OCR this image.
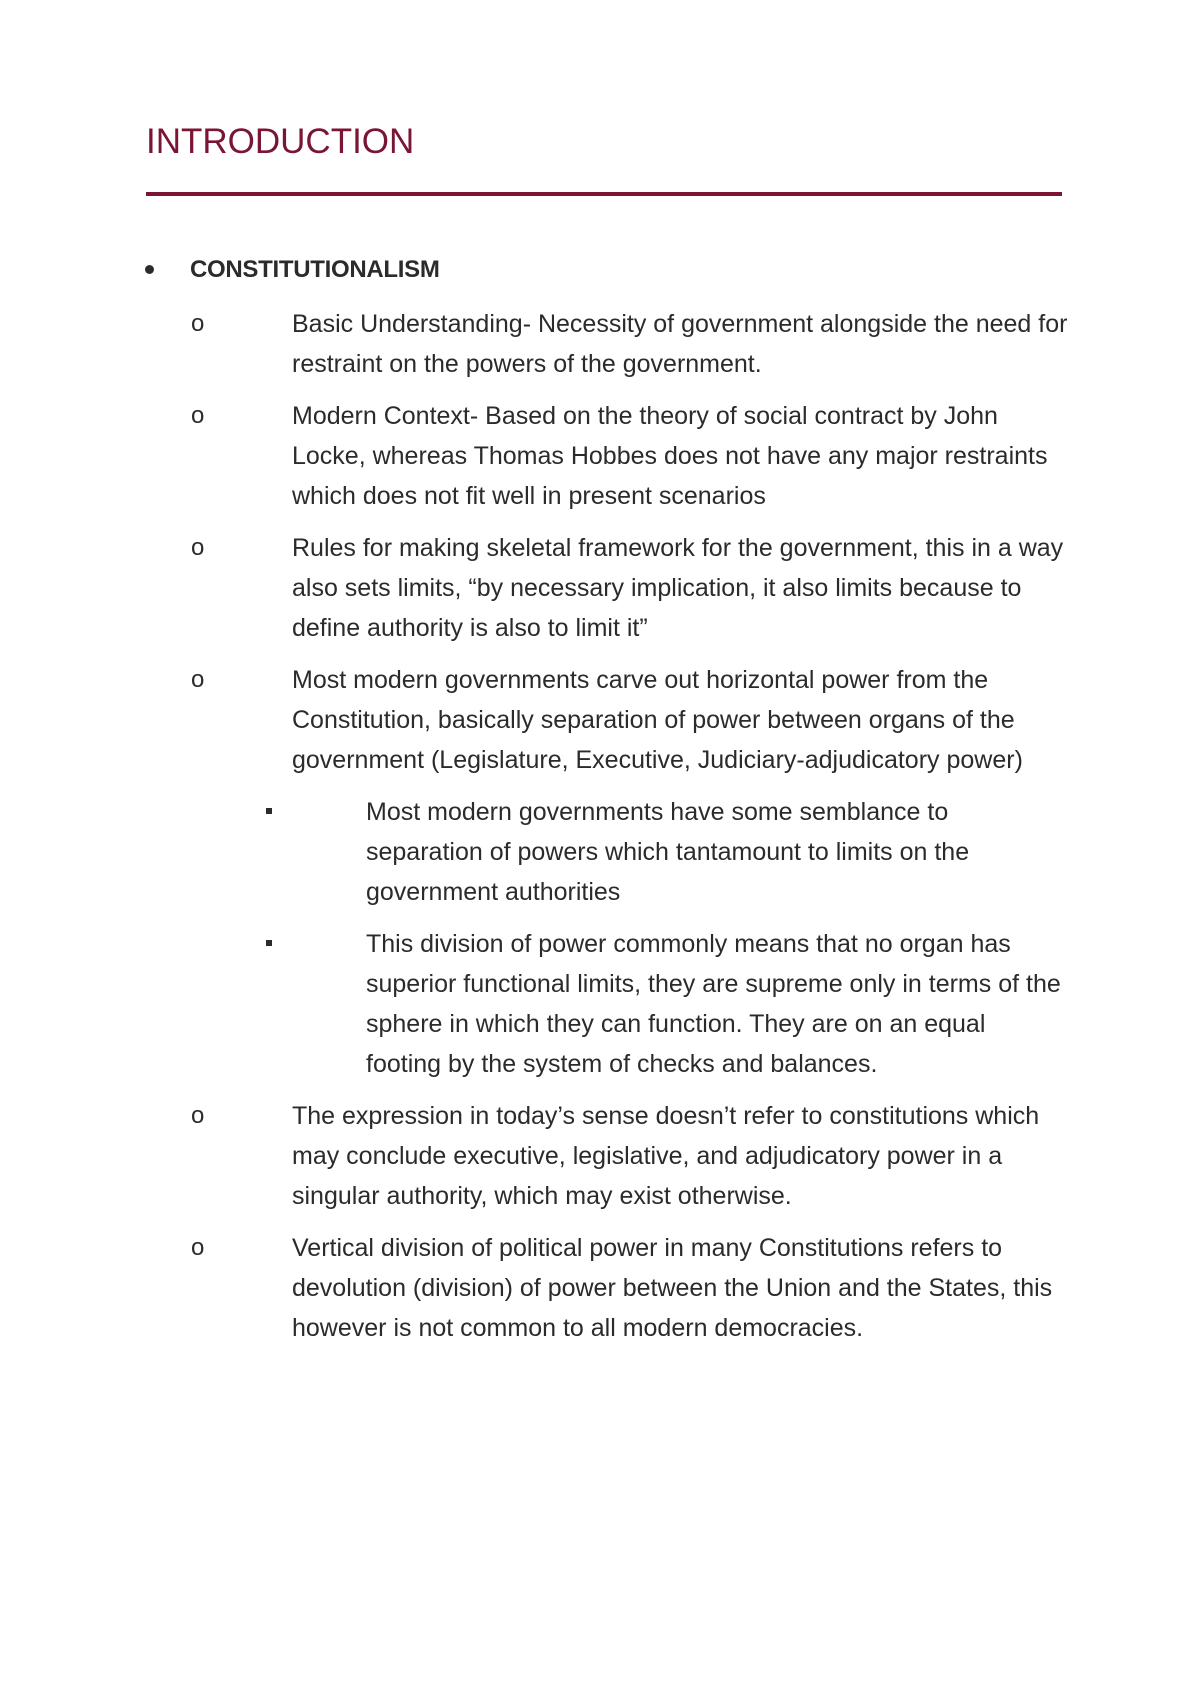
INTRODUCTION
CONSTITUTIONALISM
o	Basic Understanding- Necessity of government alongside the need for restraint on the powers of the government.
o	Modern Context- Based on the theory of social contract by John Locke, whereas Thomas Hobbes does not have any major restraints which does not fit well in present scenarios
o	Rules for making skeletal framework for the government, this in a way also sets limits, “by necessary implication, it also limits because to define authority is also to limit it”
o	Most modern governments carve out horizontal power from the Constitution, basically separation of power between organs of the government (Legislature, Executive, Judiciary-adjudicatory power)
Most modern governments have some semblance to separation of powers which tantamount to limits on the government authorities
This division of power commonly means that no organ has superior functional limits, they are supreme only in terms of the sphere in which they can function. They are on an equal footing by the system of checks and balances.
o	The expression in today’s sense doesn’t refer to constitutions which may conclude executive, legislative, and adjudicatory power in a singular authority, which may exist otherwise.
o	Vertical division of political power in many Constitutions refers to devolution (division) of power between the Union and the States, this however is not common to all modern democracies.
